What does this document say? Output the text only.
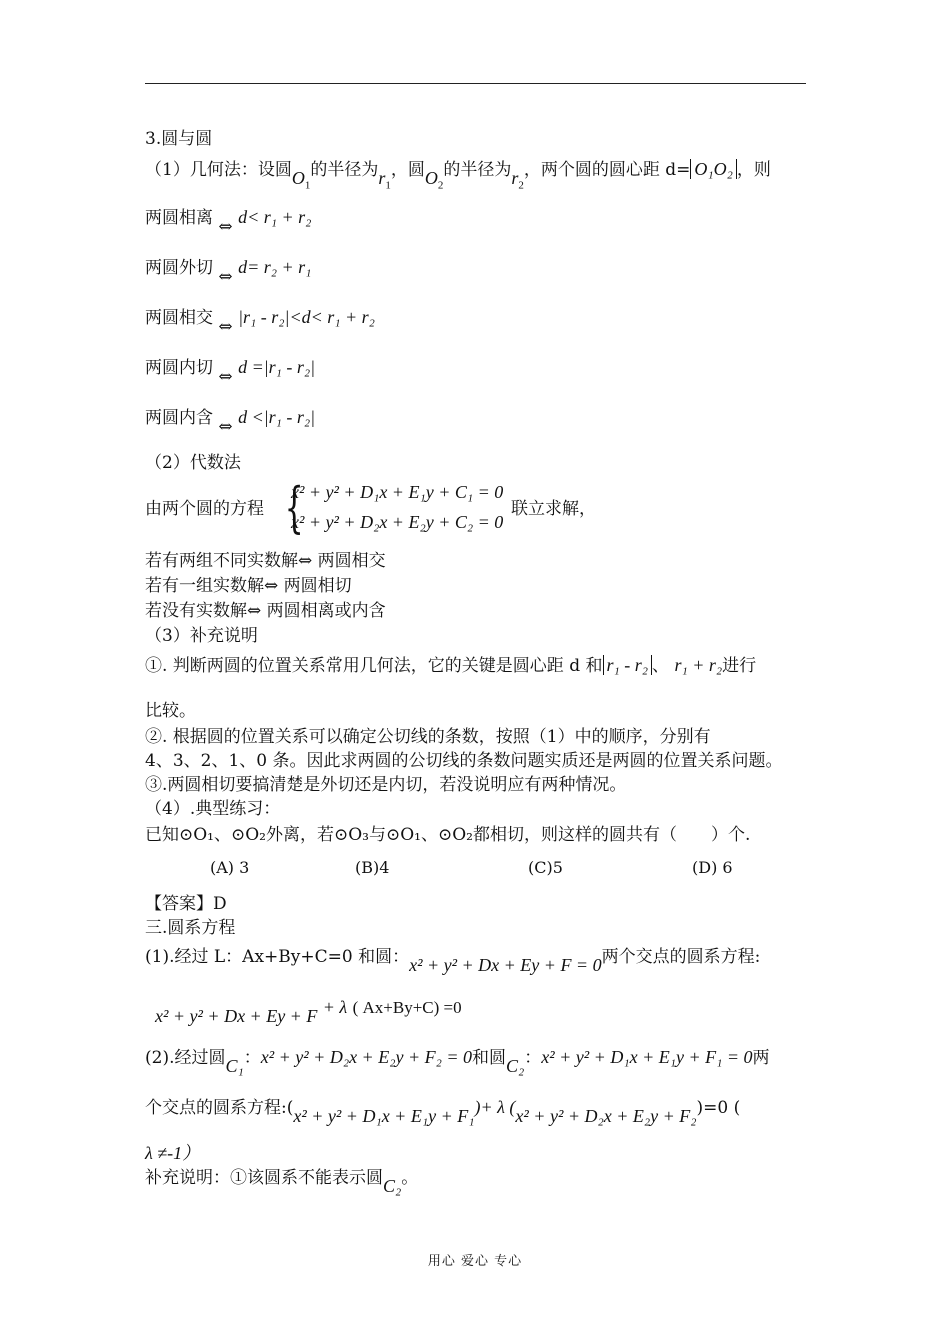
3.圆与圆
（1）几何法：设圆$O_1$的半径为$r_1$，圆$O_2$的半径为$r_2$，两个圆的圆心距 d= O₁O₂ ，则
两圆相离 ⇔ d< r₁ + r₂
两圆外切 ⇔ d= r₂ + r₁
两圆相交 ⇔ |r₁ - r₂|<d< r₁ + r₂
两圆内切 ⇔ d =|r₁ - r₂|
两圆内含 ⇔ d <|r₁ - r₂|
（2）代数法
由两个圆的方程 {
x² + y² + D₁x + E₁y + C₁ = 0
x² + y² + D₂x + E₂y + C₂ = 0
联立求解，
若有两组不同实数解⇔ 两圆相交
若有一组实数解⇔ 两圆相切
若没有实数解⇔ 两圆相离或内含
（3）补充说明
①. 判断两圆的位置关系常用几何法，它的关键是圆心距 d 和 r₁ - r₂ 、 r₁ + r₂进行
比较。
②. 根据圆的位置关系可以确定公切线的条数，按照（1）中的顺序，分别有
4、3、2、1、0 条。因此求两圆的公切线的条数问题实质还是两圆的位置关系问题。
③.两圆相切要搞清楚是外切还是内切，若没说明应有两种情况。
（4）.典型练习：
已知⊙O₁、⊙O₂外离，若⊙O₃与⊙O₁、⊙O₂都相切，则这样的圆共有（　　）个.
(A) 3	(B)4	(C)5	(D) 6
【答案】D
三.圆系方程
(1).经过 L：Ax+By+C=0 和圆：x² + y² + Dx + Ey + F = 0两个交点的圆系方程:
x² + y² + Dx + Ey + F + λ ( Ax+By+C) =0
(2).经过圆C₁：x² + y² + D₂x + E₂y + F₂ = 0和圆C₂：x² + y² + D₁x + E₁y + F₁ = 0两
个交点的圆系方程:(x² + y² + D₁x + E₁y + F₁)+ λ (x² + y² + D₂x + E₂y + F₂)=0 (
λ ≠-1）
补充说明：①该圆系不能表示圆C₂。
用心 爱心 专心
